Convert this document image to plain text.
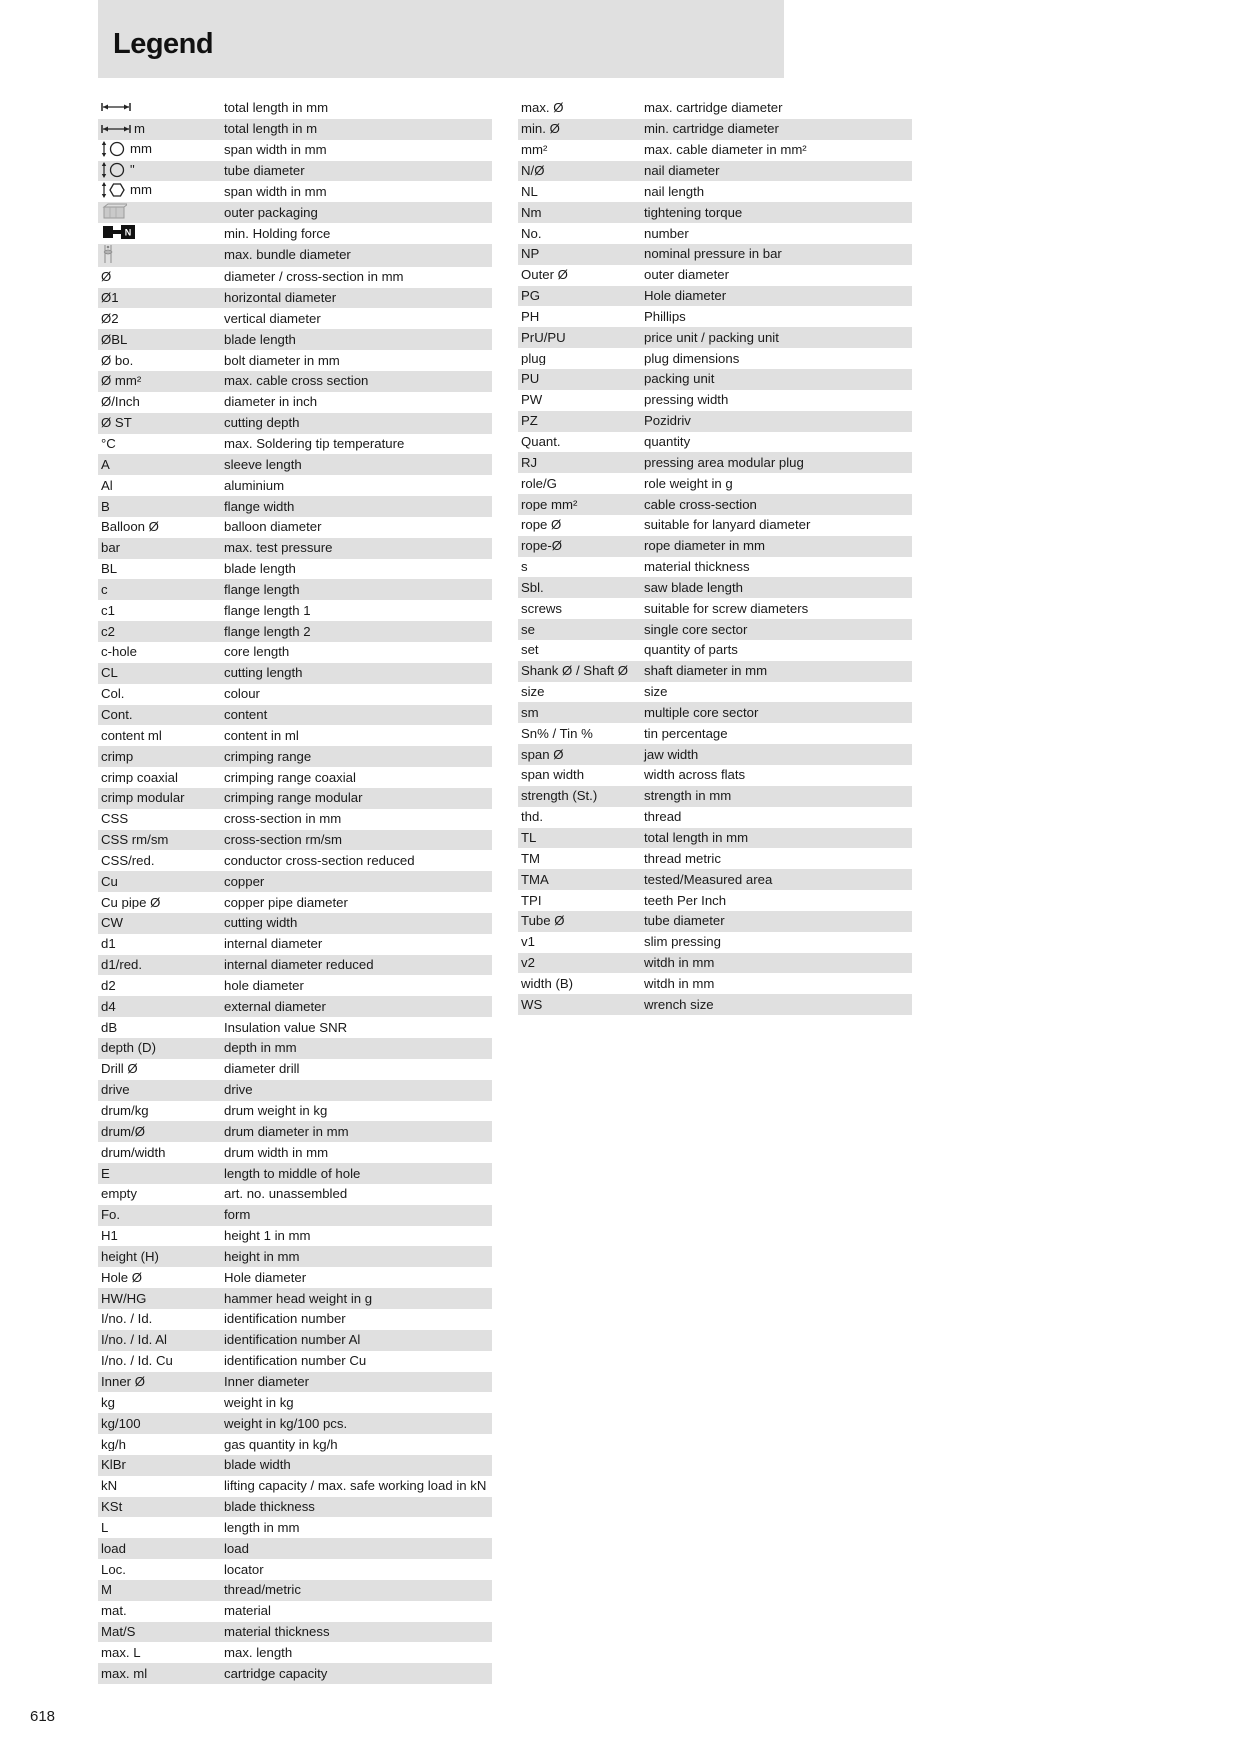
Legend
total length in mm
m	total length in m
mm	span width in mm
"	tube diameter
mm	span width in mm
outer packaging
N	min. Holding force
max. bundle diameter
Ø	diameter / cross-section in mm
Ø1	horizontal diameter
Ø2	vertical diameter
ØBL	blade length
Ø bo.	bolt diameter in mm
Ø mm²	max. cable cross section
Ø/Inch	diameter in inch
Ø ST	cutting depth
°C	max. Soldering tip temperature
A	sleeve length
Al	aluminium
B	flange width
Balloon Ø	balloon diameter
bar	max. test pressure
BL	blade length
c	flange length
c1	flange length 1
c2	flange length 2
c-hole	core length
CL	cutting length
Col.	colour
Cont.	content
content ml	content in ml
crimp	crimping range
crimp coaxial	crimping range coaxial
crimp modular	crimping range modular
CSS	cross-section in mm
CSS rm/sm	cross-section rm/sm
CSS/red.	conductor cross-section reduced
Cu	copper
Cu pipe Ø	copper pipe diameter
CW	cutting width
d1	internal diameter
d1/red.	internal diameter reduced
d2	hole diameter
d4	external diameter
dB	Insulation value SNR
depth (D)	depth in mm
Drill Ø	diameter drill
drive	drive
drum/kg	drum weight in kg
drum/Ø	drum diameter in mm
drum/width	drum width in mm
E	length to middle of hole
empty	art. no. unassembled
Fo.	form
H1	height 1 in mm
height (H)	height in mm
Hole Ø	Hole diameter
HW/HG	hammer head weight in g
I/no. / Id.	identification number
I/no. / Id. Al	identification number Al
I/no. / Id. Cu	identification number Cu
Inner Ø	Inner diameter
kg	weight in kg
kg/100	weight in kg/100 pcs.
kg/h	gas quantity in kg/h
KlBr	blade width
kN	lifting capacity / max. safe working load in kN
KSt	blade thickness
L	length in mm
load	load
Loc.	locator
M	thread/metric
mat.	material
Mat/S	material thickness
max. L	max. length
max. ml	cartridge capacity
max. Ø	max. cartridge diameter
min. Ø	min. cartridge diameter
mm²	max. cable diameter in mm²
N/Ø	nail diameter
NL	nail length
Nm	tightening torque
No.	number
NP	nominal pressure in bar
Outer Ø	outer diameter
PG	Hole diameter
PH	Phillips
PrU/PU	price unit / packing unit
plug	plug dimensions
PU	packing unit
PW	pressing width
PZ	Pozidriv
Quant.	quantity
RJ	pressing area modular plug
role/G	role weight in g
rope mm²	cable cross-section
rope Ø	suitable for lanyard diameter
rope-Ø	rope diameter in mm
s	material thickness
Sbl.	saw blade length
screws	suitable for screw diameters
se	single core sector
set	quantity of parts
Shank Ø / Shaft Ø	shaft diameter in mm
size	size
sm	multiple core sector
Sn% / Tin %	tin percentage
span Ø	jaw width
span width	width across flats
strength (St.)	strength in mm
thd.	thread
TL	total length in mm
TM	thread metric
TMA	tested/Measured area
TPI	teeth Per Inch
Tube Ø	tube diameter
v1	slim pressing
v2	witdh in mm
width (B)	witdh in mm
WS	wrench size
618
